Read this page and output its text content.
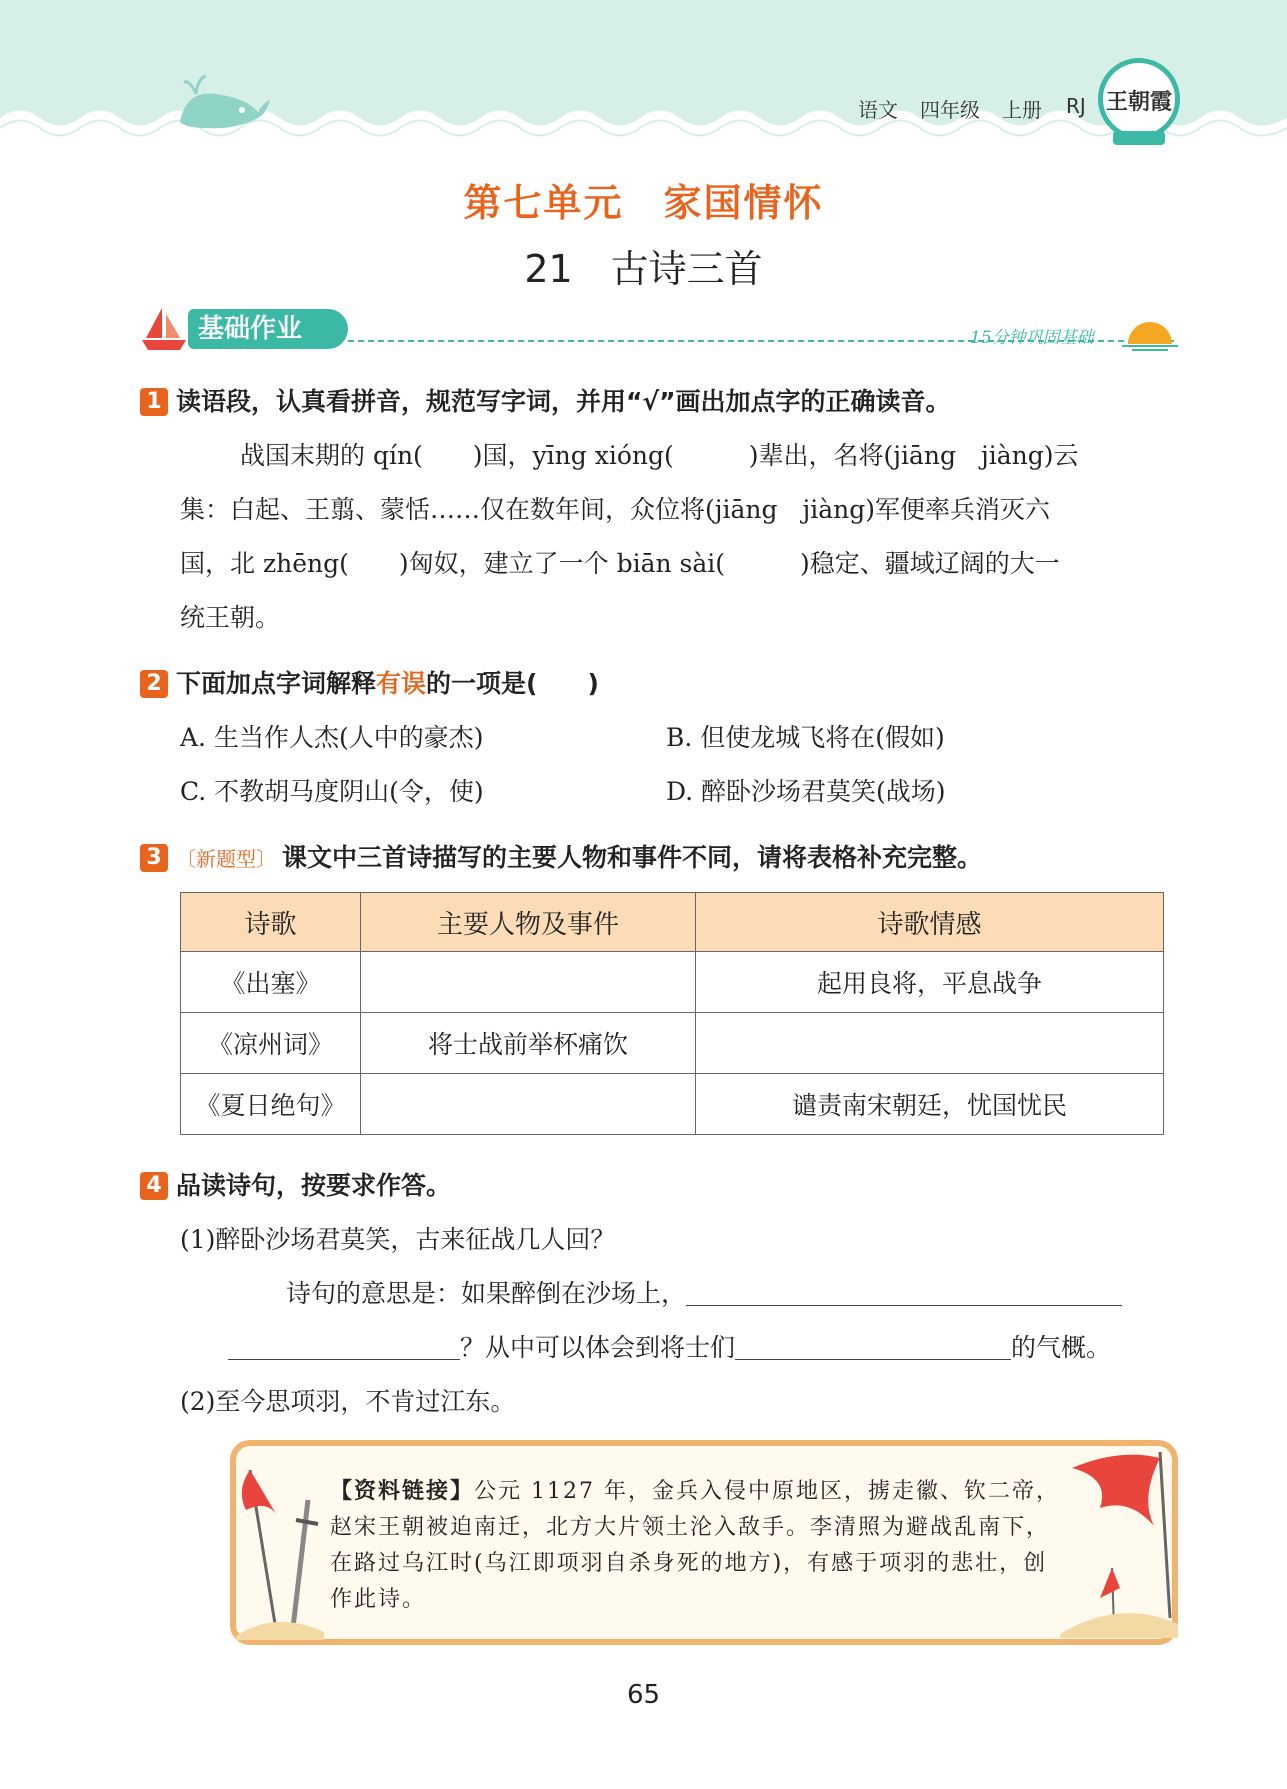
语文 四年级 上册 RJ 王朝霞
第七单元　家国情怀
21　古诗三首
基础作业	15分钟巩固基础
1 读语段，认真看拼音，规范写字词，并用“√”画出加点字的正确读音。
战国末期的 qín(　　)国，yīng xióng(　　　)辈出，名将(jiāng　jiàng)云
集：白起、王翦、蒙恬……仅在数年间，众位将(jiāng　jiàng)军便率兵消灭六
国，北 zhēng(　　)匈奴，建立了一个 biān sài(　　　)稳定、疆域辽阔的大一
统王朝。
2 下面加点字词解释有误的一项是(　　)
A. 生当作人杰(人中的豪杰)	B. 但使龙城飞将在(假如)
C. 不教胡马度阴山(令，使)	D. 醉卧沙场君莫笑(战场)
3 〔新题型〕 课文中三首诗描写的主要人物和事件不同，请将表格补充完整。
诗歌	主要人物及事件	诗歌情感
《出塞》		起用良将，平息战争
《凉州词》	将士战前举杯痛饮	
《夏日绝句》		谴责南宋朝廷，忧国忧民
4 品读诗句，按要求作答。
(1)醉卧沙场君莫笑，古来征战几人回？
诗句的意思是：如果醉倒在沙场上，
？从中可以体会到将士们	的气概。
(2)至今思项羽，不肯过江东。
【资料链接】公元 1127 年，金兵入侵中原地区，掳走徽、钦二帝，赵宋王朝被迫南迁，北方大片领土沦入敌手。李清照为避战乱南下，在路过乌江时(乌江即项羽自杀身死的地方)，有感于项羽的悲壮，创作此诗。
65
